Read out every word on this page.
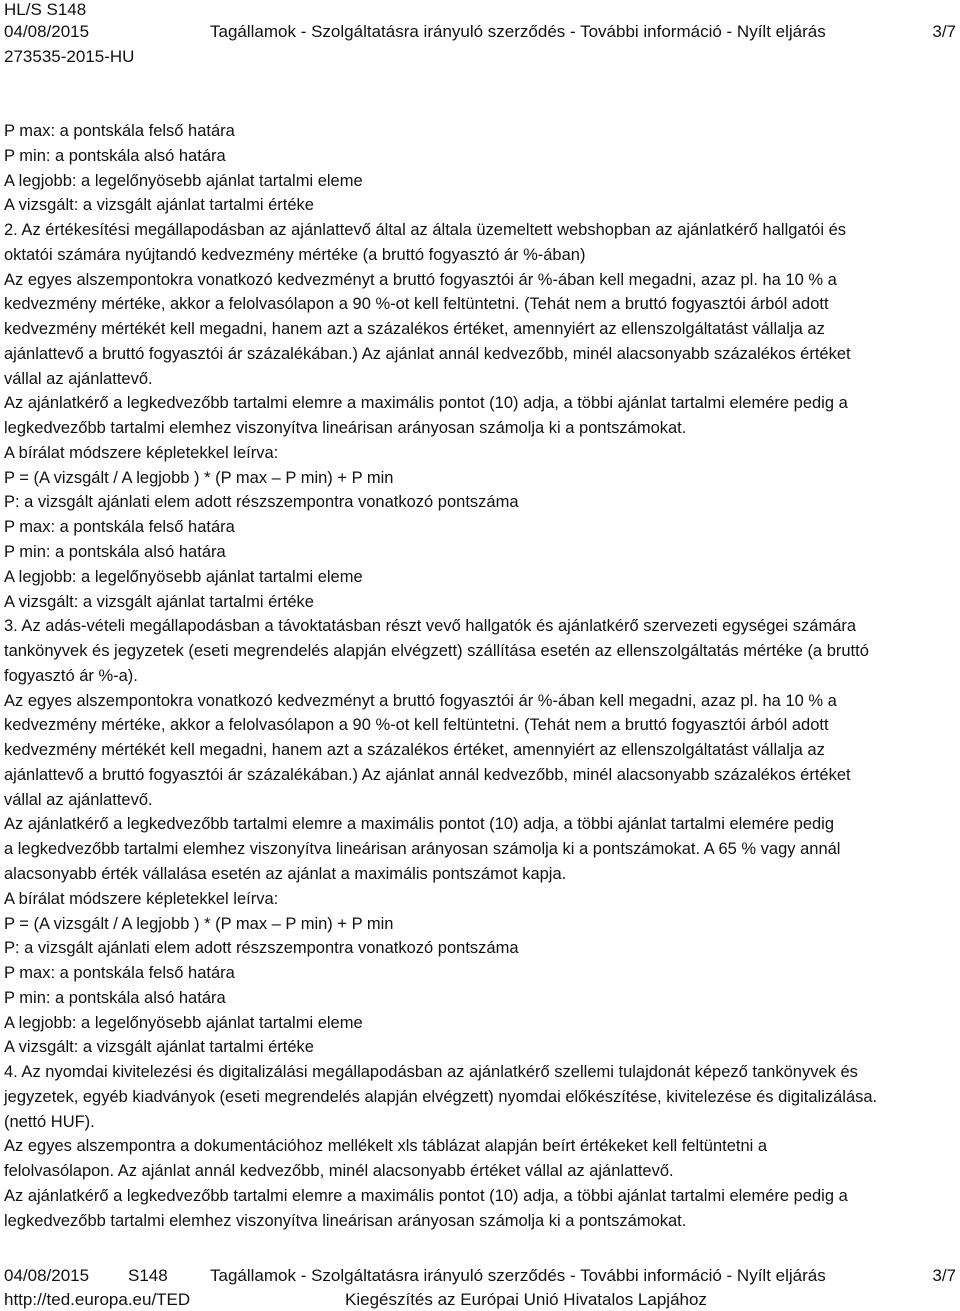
HL/S S148
04/08/2015	Tagállamok - Szolgáltatásra irányuló szerződés - További információ - Nyílt eljárás	3/7
273535-2015-HU
P max: a pontskála felső határa
P min: a pontskála alsó határa
A legjobb: a legelőnyösebb ajánlat tartalmi eleme
A vizsgált: a vizsgált ajánlat tartalmi értéke
2. Az értékesítési megállapodásban az ajánlattevő által az általa üzemeltett webshopban az ajánlatkérő hallgatói és
oktatói számára nyújtandó kedvezmény mértéke (a bruttó fogyasztó ár %-ában)
Az egyes alszempontokra vonatkozó kedvezményt a bruttó fogyasztói ár %-ában kell megadni, azaz pl. ha 10 % a
kedvezmény mértéke, akkor a felolvasólapon a 90 %-ot kell feltüntetni. (Tehát nem a bruttó fogyasztói árból adott
kedvezmény mértékét kell megadni, hanem azt a százalékos értéket, amennyiért az ellenszolgáltatást vállalja az
ajánlattevő a bruttó fogyasztói ár százalékában.) Az ajánlat annál kedvezőbb, minél alacsonyabb százalékos értéket
vállal az ajánlattevő.
Az ajánlatkérő a legkedvezőbb tartalmi elemre a maximális pontot (10) adja, a többi ajánlat tartalmi elemére pedig a
legkedvezőbb tartalmi elemhez viszonyítva lineárisan arányosan számolja ki a pontszámokat.
A bírálat módszere képletekkel leírva:
P = (A vizsgált / A legjobb ) * (P max – P min) + P min
P: a vizsgált ajánlati elem adott részszempontra vonatkozó pontszáma
P max: a pontskála felső határa
P min: a pontskála alsó határa
A legjobb: a legelőnyösebb ajánlat tartalmi eleme
A vizsgált: a vizsgált ajánlat tartalmi értéke
3. Az adás-vételi megállapodásban a távoktatásban részt vevő hallgatók és ajánlatkérő szervezeti egységei számára
tankönyvek és jegyzetek (eseti megrendelés alapján elvégzett) szállítása esetén az ellenszolgáltatás mértéke (a bruttó
fogyasztó ár %-a).
Az egyes alszempontokra vonatkozó kedvezményt a bruttó fogyasztói ár %-ában kell megadni, azaz pl. ha 10 % a
kedvezmény mértéke, akkor a felolvasólapon a 90 %-ot kell feltüntetni. (Tehát nem a bruttó fogyasztói árból adott
kedvezmény mértékét kell megadni, hanem azt a százalékos értéket, amennyiért az ellenszolgáltatást vállalja az
ajánlattevő a bruttó fogyasztói ár százalékában.) Az ajánlat annál kedvezőbb, minél alacsonyabb százalékos értéket
vállal az ajánlattevő.
Az ajánlatkérő a legkedvezőbb tartalmi elemre a maximális pontot (10) adja, a többi ajánlat tartalmi elemére pedig
a legkedvezőbb tartalmi elemhez viszonyítva lineárisan arányosan számolja ki a pontszámokat. A 65 % vagy annál
alacsonyabb érték vállalása esetén az ajánlat a maximális pontszámot kapja.
A bírálat módszere képletekkel leírva:
P = (A vizsgált / A legjobb ) * (P max – P min) + P min
P: a vizsgált ajánlati elem adott részszempontra vonatkozó pontszáma
P max: a pontskála felső határa
P min: a pontskála alsó határa
A legjobb: a legelőnyösebb ajánlat tartalmi eleme
A vizsgált: a vizsgált ajánlat tartalmi értéke
4. Az nyomdai kivitelezési és digitalizálási megállapodásban az ajánlatkérő szellemi tulajdonát képező tankönyvek és
jegyzetek, egyéb kiadványok (eseti megrendelés alapján elvégzett) nyomdai előkészítése, kivitelezése és digitalizálása.
(nettó HUF).
Az egyes alszempontra a dokumentációhoz mellékelt xls táblázat alapján beírt értékeket kell feltüntetni a
felolvasólapon. Az ajánlat annál kedvezőbb, minél alacsonyabb értéket vállal az ajánlattevő.
Az ajánlatkérő a legkedvezőbb tartalmi elemre a maximális pontot (10) adja, a többi ajánlat tartalmi elemére pedig a
legkedvezőbb tartalmi elemhez viszonyítva lineárisan arányosan számolja ki a pontszámokat.
04/08/2015 S148 Tagállamok - Szolgáltatásra irányuló szerződés - További információ - Nyílt eljárás	3/7
http://ted.europa.eu/TED	Kiegészítés az Európai Unió Hivatalos Lapjához
